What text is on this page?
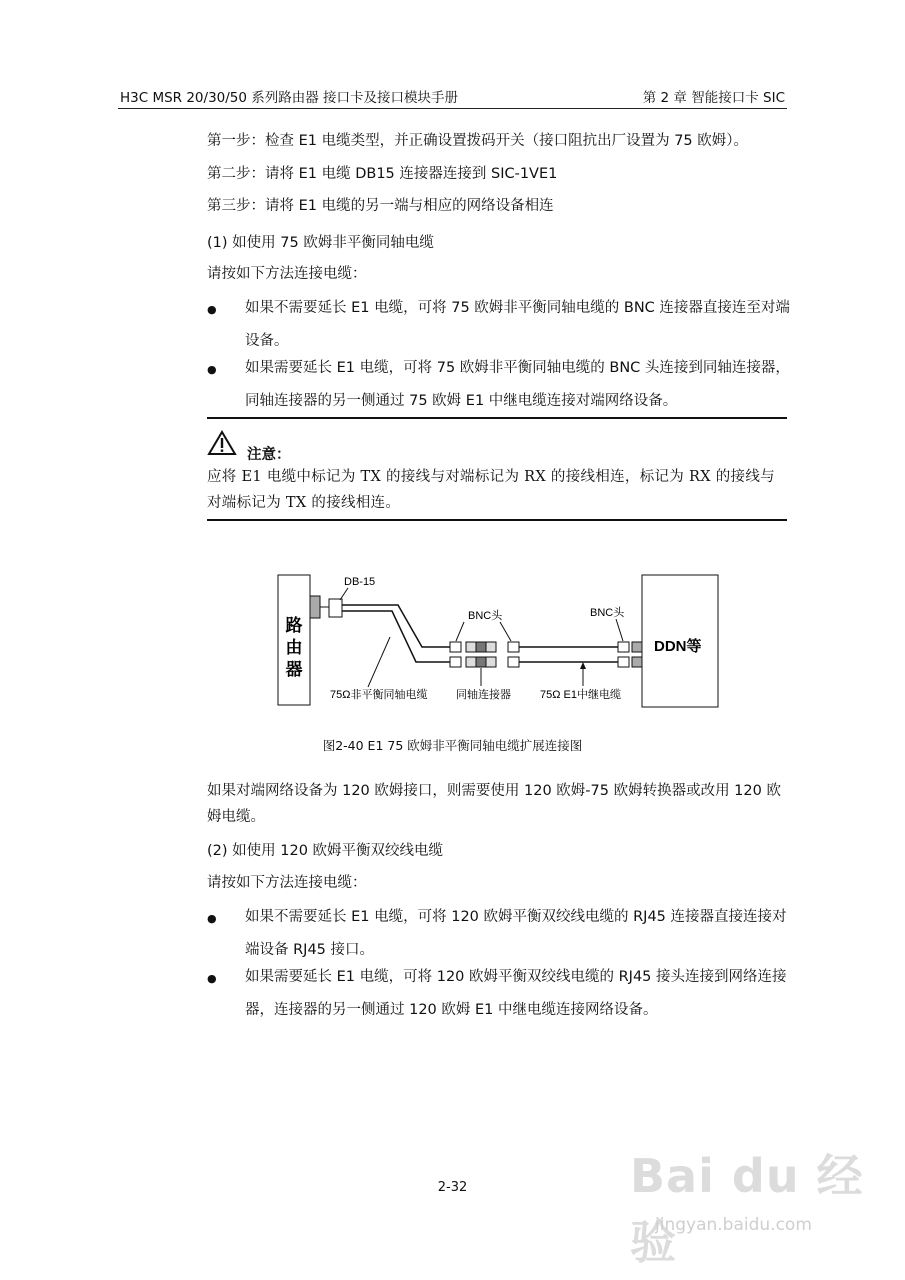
H3C MSR 20/30/50 系列路由器 接口卡及接口模块手册	第 2 章 智能接口卡 SIC
第一步：检查 E1 电缆类型，并正确设置拨码开关（接口阻抗出厂设置为 75 欧姆）。
第二步：请将 E1 电缆 DB15 连接器连接到 SIC-1VE1
第三步：请将 E1 电缆的另一端与相应的网络设备相连
(1) 如使用 75 欧姆非平衡同轴电缆
请按如下方法连接电缆：
● 如果不需要延长 E1 电缆，可将 75 欧姆非平衡同轴电缆的 BNC 连接器直接连至对端设备。
● 如果需要延长 E1 电缆，可将 75 欧姆非平衡同轴电缆的 BNC 头连接到同轴连接器，同轴连接器的另一侧通过 75 欧姆 E1 中继电缆连接对端网络设备。
注意：
应将 E1 电缆中标记为 TX 的接线与对端标记为 RX 的接线相连，标记为 RX 的接线与对端标记为 TX 的接线相连。
路
由
器
DB-15
DDN等
BNC头	BNC头
75Ω非平衡同轴电缆	同轴连接器	75Ω E1中继电缆
图2-40 E1 75 欧姆非平衡同轴电缆扩展连接图
如果对端网络设备为 120 欧姆接口，则需要使用 120 欧姆-75 欧姆转换器或改用 120 欧姆电缆。
(2) 如使用 120 欧姆平衡双绞线电缆
请按如下方法连接电缆：
● 如果不需要延长 E1 电缆，可将 120 欧姆平衡双绞线电缆的 RJ45 连接器直接连接对端设备 RJ45 接口。
● 如果需要延长 E1 电缆，可将 120 欧姆平衡双绞线电缆的 RJ45 接头连接到网络连接器，连接器的另一侧通过 120 欧姆 E1 中继电缆连接网络设备。
2-32	Bai du 经验
jingyan.baidu.com
